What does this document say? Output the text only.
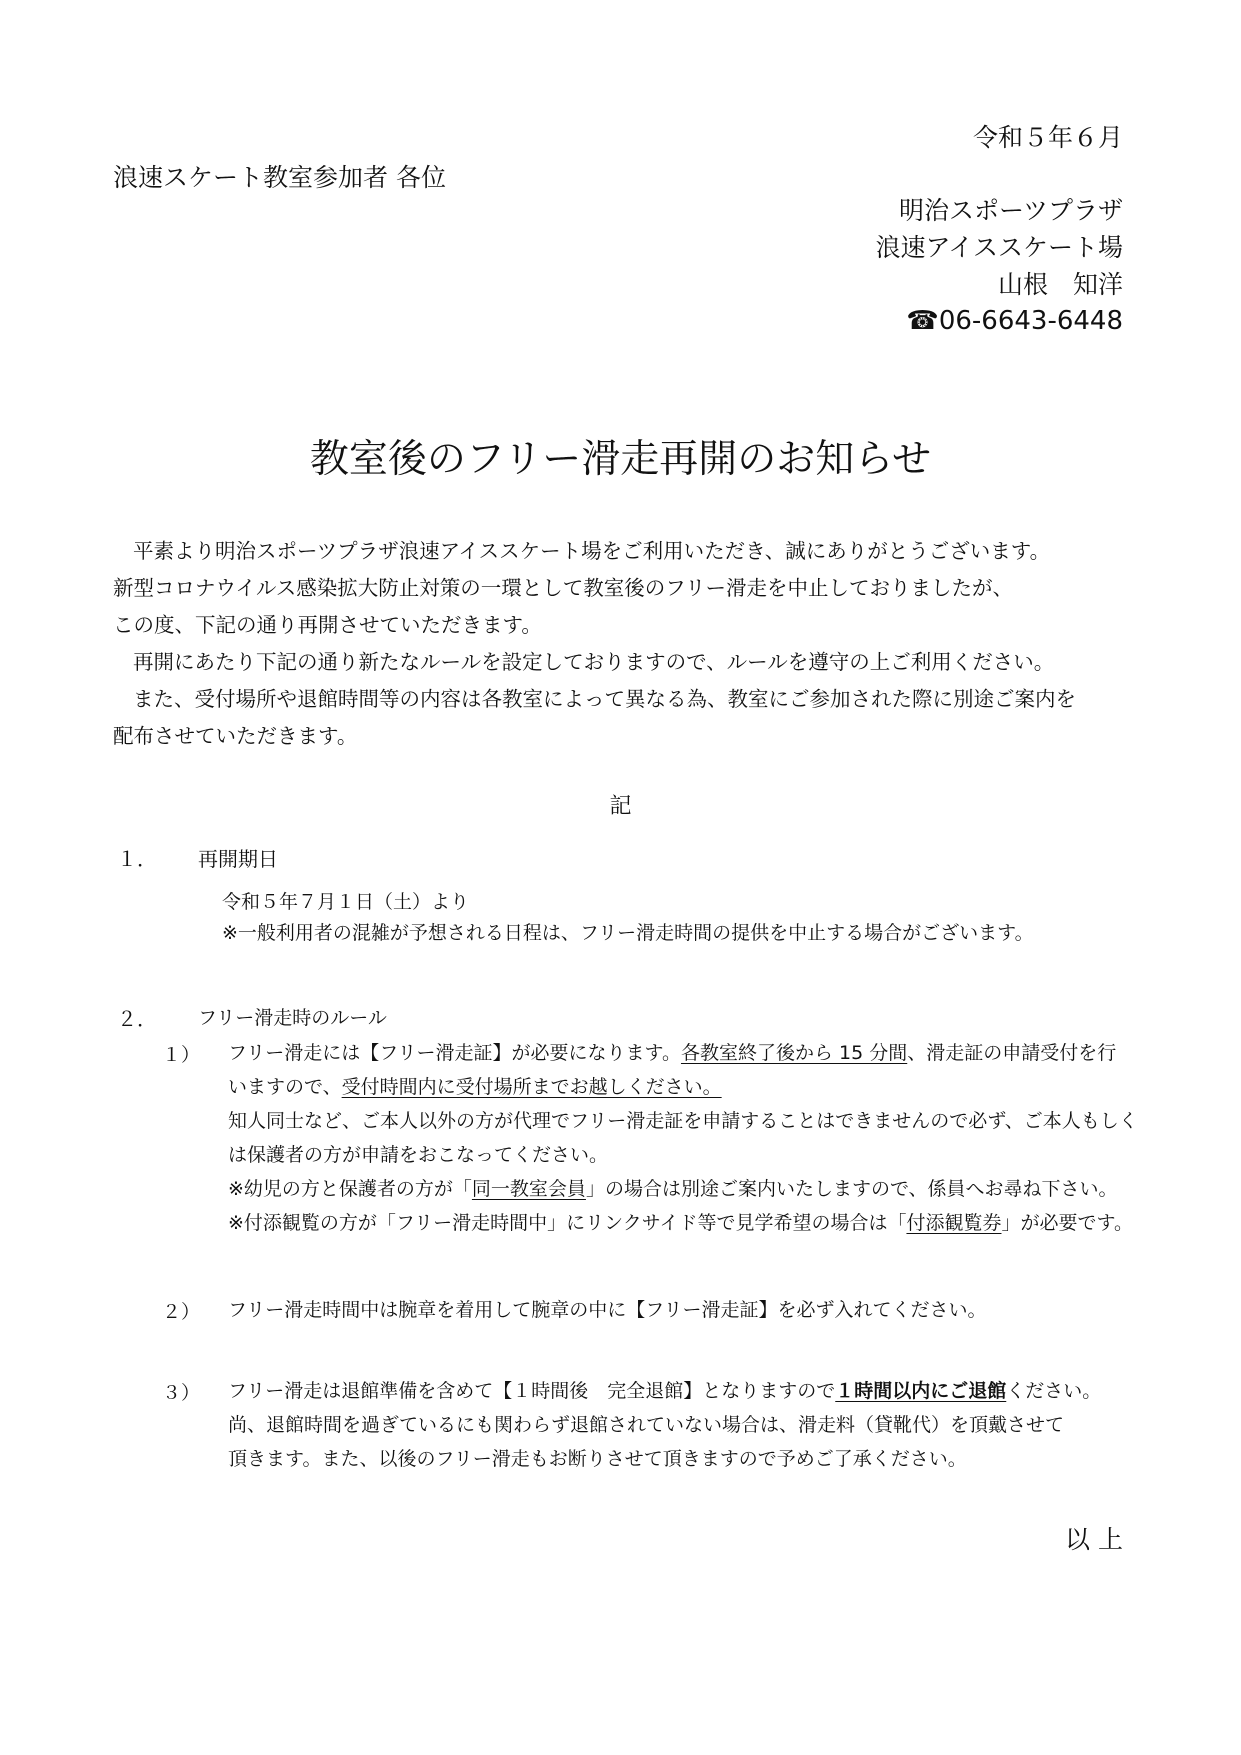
令和５年６月
浪速スケート教室参加者 各位
明治スポーツプラザ
浪速アイススケート場
山根　知洋
☎06-6643-6448
教室後のフリー滑走再開のお知らせ
平素より明治スポーツプラザ浪速アイススケート場をご利用いただき、誠にありがとうございます。
新型コロナウイルス感染拡大防止対策の一環として教室後のフリー滑走を中止しておりましたが、
この度、下記の通り再開させていただきます。
再開にあたり下記の通り新たなルールを設定しておりますので、ルールを遵守の上ご利用ください。
また、受付場所や退館時間等の内容は各教室によって異なる為、教室にご参加された際に別途ご案内を
配布させていただきます。
記
１． 再開期日
令和５年７月１日（土）より
※一般利用者の混雑が予想される日程は、フリー滑走時間の提供を中止する場合がございます。
２． フリー滑走時のルール
１） フリー滑走には【フリー滑走証】が必要になります。各教室終了後から 15 分間、滑走証の申請受付を行
いますので、受付時間内に受付場所までお越しください。
知人同士など、ご本人以外の方が代理でフリー滑走証を申請することはできませんので必ず、ご本人もしく
は保護者の方が申請をおこなってください。
※幼児の方と保護者の方が「同一教室会員」の場合は別途ご案内いたしますので、係員へお尋ね下さい。
※付添観覧の方が「フリー滑走時間中」にリンクサイド等で見学希望の場合は「付添観覧券」が必要です。
２） フリー滑走時間中は腕章を着用して腕章の中に【フリー滑走証】を必ず入れてください。
３） フリー滑走は退館準備を含めて【１時間後　完全退館】となりますので１時間以内にご退館ください。
尚、退館時間を過ぎているにも関わらず退館されていない場合は、滑走料（貸靴代）を頂戴させて
頂きます。また、以後のフリー滑走もお断りさせて頂きますので予めご了承ください。
以 上
